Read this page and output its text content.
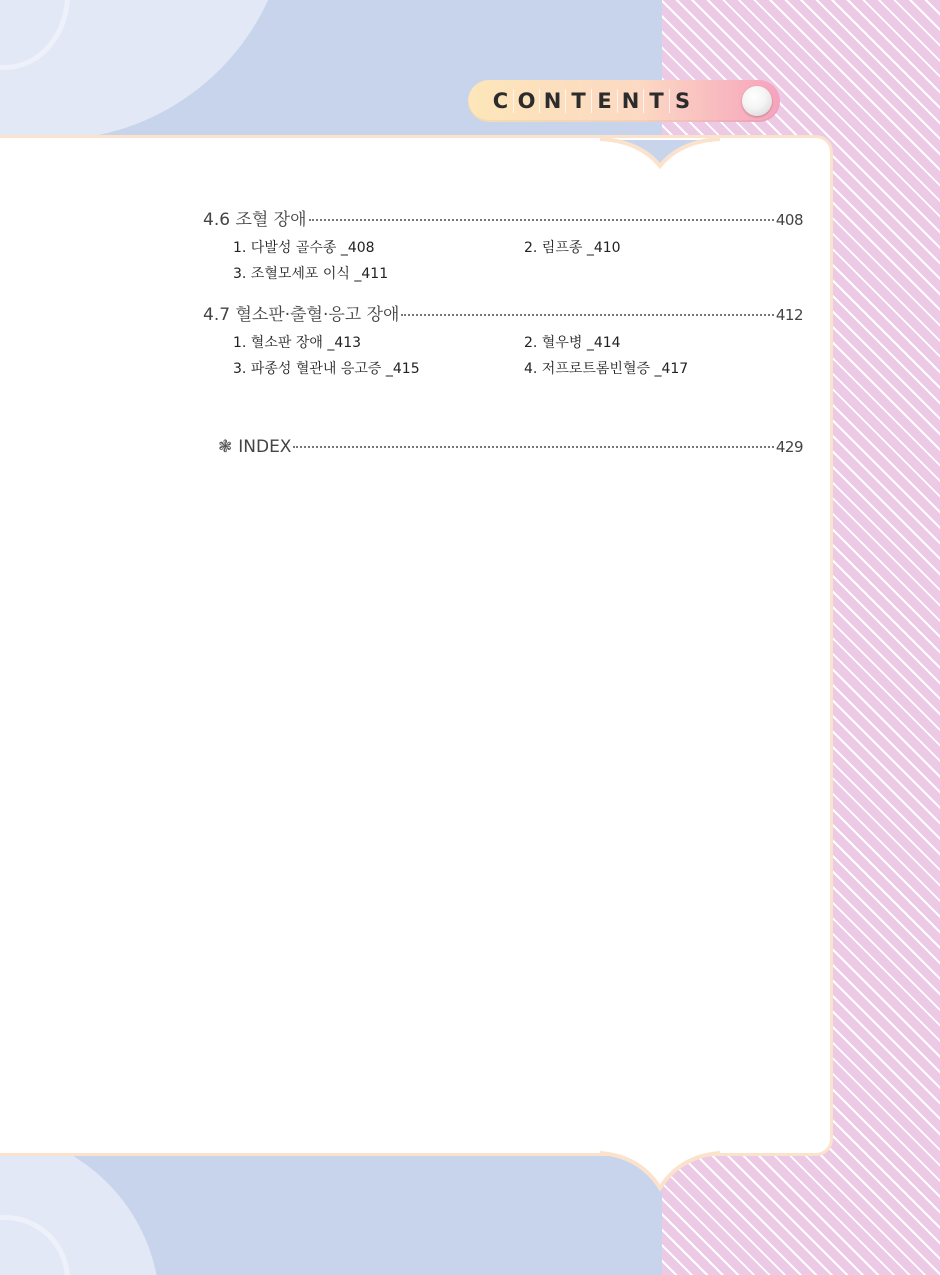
C O N T E N T S
4.6 조혈 장애	408
1. 다발성 골수종 _408	2. 림프종 _410
3. 조혈모세포 이식 _411
4.7 혈소판·출혈·응고 장애	412
1. 혈소판 장애 _413	2. 혈우병 _414
3. 파종성 혈관내 응고증 _415	4. 저프로트롬빈혈증 _417
❃ INDEX	429
